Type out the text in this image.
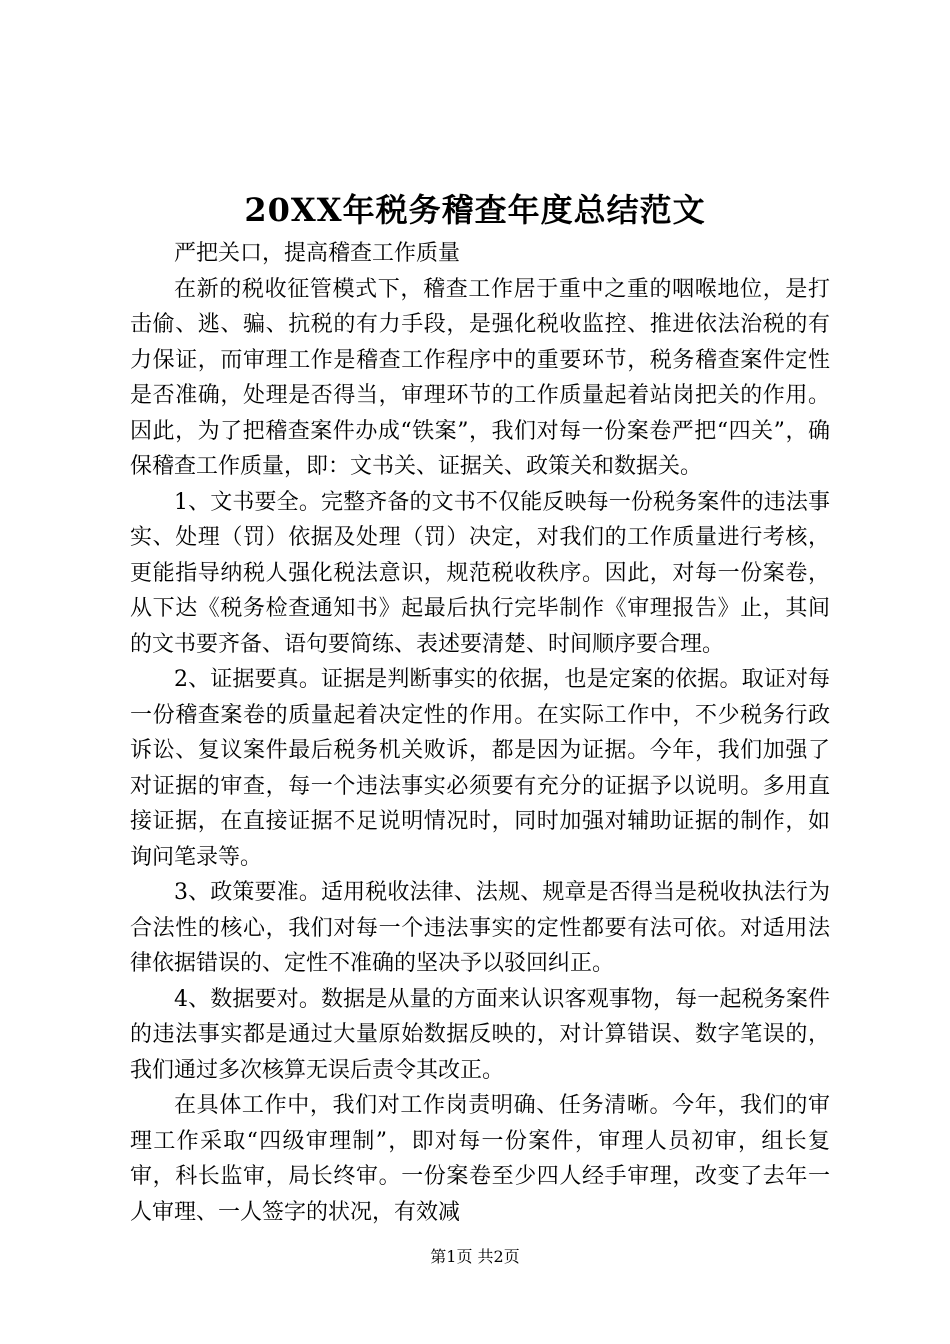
20XX年税务稽查年度总结范文

严把关口，提高稽查工作质量

在新的税收征管模式下，稽查工作居于重中之重的咽喉地位，是打击偷、逃、骗、抗税的有力手段，是强化税收监控、推进依法治税的有力保证，而审理工作是稽查工作程序中的重要环节，税务稽查案件定性是否准确，处理是否得当，审理环节的工作质量起着站岗把关的作用。因此，为了把稽查案件办成“铁案”，我们对每一份案卷严把“四关”，确保稽查工作质量，即：文书关、证据关、政策关和数据关。

1、文书要全。完整齐备的文书不仅能反映每一份税务案件的违法事实、处理（罚）依据及处理（罚）决定，对我们的工作质量进行考核，更能指导纳税人强化税法意识，规范税收秩序。因此，对每一份案卷，从下达《税务检查通知书》起最后执行完毕制作《审理报告》止，其间的文书要齐备、语句要简练、表述要清楚、时间顺序要合理。

2、证据要真。证据是判断事实的依据，也是定案的依据。取证对每一份稽查案卷的质量起着决定性的作用。在实际工作中，不少税务行政诉讼、复议案件最后税务机关败诉，都是因为证据。今年，我们加强了对证据的审查，每一个违法事实必须要有充分的证据予以说明。多用直接证据，在直接证据不足说明情况时，同时加强对辅助证据的制作，如询问笔录等。

3、政策要准。适用税收法律、法规、规章是否得当是税收执法行为合法性的核心，我们对每一个违法事实的定性都要有法可依。对适用法律依据错误的、定性不准确的坚决予以驳回纠正。

4、数据要对。数据是从量的方面来认识客观事物，每一起税务案件的违法事实都是通过大量原始数据反映的，对计算错误、数字笔误的，我们通过多次核算无误后责令其改正。

在具体工作中，我们对工作岗责明确、任务清晰。今年，我们的审理工作采取“四级审理制”，即对每一份案件，审理人员初审，组长复审，科长监审，局长终审。一份案卷至少四人经手审理，改变了去年一人审理、一人签字的状况，有效减

第1页 共2页
